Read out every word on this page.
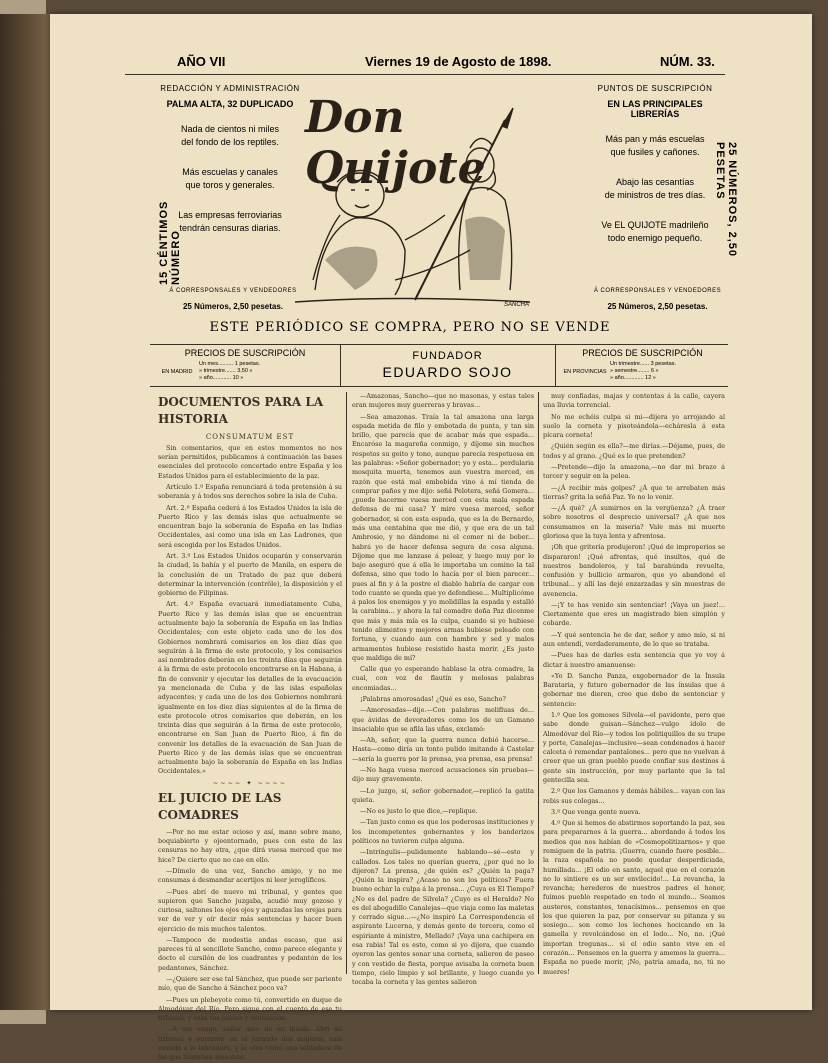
AÑO VII	Viernes 19 de Agosto de 1898.	NÚM. 33.
REDACCIÓN Y ADMINISTRACIÓN
PALMA ALTA, 32 DUPLICADO
Nada de cientos ni miles
del fondo de los reptiles.
Más escuelas y canales
que toros y generales.
Las empresas ferroviarias
tendrán censuras diarias.
Á CORRESPONSALES Y VENDEDORES
25 Números, 2,50 pesetas.
PUNTOS DE SUSCRIPCIÓN
EN LAS PRINCIPALES LIBRERÍAS
Más pan y más escuelas
que fusiles y cañones.
Abajo las cesantías
de ministros de tres días.
Ve EL QUIJOTE madrileño
todo enemigo pequeño.
Á CORRESPONSALES Y VENDEDORES
25 Números, 2,50 pesetas.
15 CÉNTIMOS NÚMERO
25 NÚMEROS, 2,50 PESETAS
Don Quijote
SANCHA
ESTE PERIÓDICO SE COMPRA, PERO NO SE VENDE
PRECIOS DE SUSCRIPCIÓN
EN MADRID
Un mes.......... 1 pesetas.
» trimestre....... 3,50 »
» año............ 10 »
FUNDADOR
EDUARDO SOJO
PRECIOS DE SUSCRIPCIÓN
EN PROVINCIAS
Un trimestre...... 3 pesetas.
» semestre........ 6 »
» año............. 12 »

DOCUMENTOS PARA LA HISTORIA

CONSUMATUM EST

Sin comentarios, que en estos momentos no nos serían permitidos, publicamos á continuación las bases esenciales del protocolo concertado entre España y los Estados Unidos para el establecimiento de la paz.

Artículo 1.º España renunciará á toda pretensión á su soberanía y á todos sus derechos sobre la isla de Cuba.

Art. 2.º España cederá á los Estados Unidos la isla de Puerto Rico y las demás islas que actualmente se encuentran bajo la soberanía de España en las Indias Occidentales, así como una isla en Las Ladrones, que será escogida por los Estados Unidos.

Art. 3.º Los Estados Unidos ocuparán y conservarán la ciudad, la bahía y el puerto de Manila, en espera de la conclusión de un Tratado de paz que deberá determinar la intervención (contrôle), la disposición y el gobierno de Filipinas.

Art. 4.º España evacuará inmediatamente Cuba, Puerto Rico y las demás islas que se encuentran actualmente bajo la soberanía de España en las Indias Occidentales; con este objeto cada uno de los dos Gobiernos nombrará comisarios en los diez días que seguirán á la firma de este protocolo, y los comisarios así nombrados deberán en los treinta días que seguirán á la firma de este protocolo encontrarse en la Habana, á fin de convenir y ejecutar los detalles de la evacuación ya mencionada de Cuba y de las islas españolas adyacentes; y cada uno de los dos Gobiernos nombrará igualmente en los diez días siguientes al de la firma de este protocolo otros comisarios que deberán, en los treinta días que seguirán á la firma de este protocolo, encontrarse en San Juan de Puerto Rico, á fin de convenir los detalles de la evacuación de San Juan de Puerto Rico y de las demás islas que se encuentran actualmente bajo la soberanía de España en las Indias Occidentales.»

~~~~ ✦ ~~~~

EL JUICIO DE LAS COMADRES

—Por no me estar ocioso y así, mano sobre mano, boquiabierto y ojeentornado, pues con esto de las censuras no hay otra, ¿que dirá vuesa merced que me hice? De cierto que no cae en ello.

—Dímelo de una vez, Sancho amigo, y no me consumas á desmandar acertijos ni leer jeroglíficos.

—Pues abrí de nuevo mi tribunal, y gentes que supieron que Sancho juzgaba, acudió muy gozoso y curiosa, saltones los ojos ojos y aguzadas las orejas para ver de ver y oír decir más sentencias y hacer buen ejercicio de mis muchos talentos.

—Tampoco de modestia andas escaso, que así pareces tú al sencillote Sancho, como parece elegante y docto el cursilón de los cuadrantes y pedantón de los pedantones, Sánchez.

—¿Quiere ser ese tal Sánchez, que puede ser pariente mío, que de Sancho á Sánchez poco va?

—Pues un plebeyote como tú, convertido en duque de Almodóvar del Río. Pero sigue con el cuento de ese tu tribunal, y esas tus juicios y sentencias.

—A eso vengo, señor mío: de mi ínsula. Abrí mi tribunal y entraron en el juzgado dos mujeres, una vestida á lo labradora, y la otra como una soldadera de las que llamaban masonas.

—Amazonas, Sancho—que no masonas, y estas tales eran mujeres muy guerreras y bravas...

—Sea amazonas. Traía la tal amazona una larga espada metida de filo y embotada de punta, y tan sin brillo, que parecía que de acabar más que espada... Encaróse la magareña conmigo, y díjome sin muchos respetos su geito y tono, aunque parecía respetuosa en las palabras: «Señor gobernador; yo y esta... perdularia mosquita muerta, tenemos aun vuestra merced, en razón que está mal embebida vino á mí tienda de comprar paños y me dijo: señá Pelotera, señá Gomera... ¿puede hacerme vuesa merced con esta mala espada defensa de mi casa? Y mire vuesa merced, señor gobernador, si con esta espada, que es la de Bernardo, más una centabina que me dió, y que era de un tal Ambrosio, y no dándome ni el comer ni de beber... habrá yo de hacer defensa segura de cosa alguna. Díjome que me lanzase á pelear, y luego muy por lo bajo aseguró que á ella le importaba un comino la tal defensa, sino que todo lo hacía por el bien parecer... pues al fin y á la postre el diablo habría de cargar con todo cuanto se queda que yo defendiese... Multiplicóme á palos los enemigos y yo molidillas la espada y estalló la carabina... y ahora la tal comadre doña Paz dicenme que más y más mía es la culpa, cuando si yo hubiese tenido alimentos y mejores armas hubiese peleado con fortuna, y cuando aun con hambre y sed y malos armamentos hubiese resistido hasta morir. ¿Es justo que maldiga de mí?

Calle que yo esperando hablase la otra comadre, la cual, con voz de flautín y melosas palabras encomiadas...

¡Palabras amorosadas! ¿Qué es eso, Sancho?

—Amorosadas—dije.—Con palabras melifluas de... que ávidas de devoradores como los de un Gamano insaciable que se afila las uñas, exclamó:

—Ah, señor, que la guerra nunca debió hacerse... Hasta—como diría un tonto pulido imitando á Castelar—sería la guerra por la prensa, yea prensa, esa prensa!

—No haga vuesa merced acusaciones sin pruebas—dijo muy gravemente.

—Lo juzgo, sí, señor gobernador,—replicó la gatita quieta.

—No es justo lo que dice,—replique.

—Tan justo como es que los poderosas instituciones y los incompetentes gobernantes y los banderizos políticos no tuvieron culpa alguna.

—Intríngulis—pulidamente hablando—sé—esto y callados. Los tales no querían guerra, ¿por qué no lo dijeron? La prensa, ¿de quién es? ¿Quién la paga? ¿Quién la inspira? ¿Acaso no son los políticos? Fuera bueno echar la culpa á la prensa... ¿Cuya es El Tiempo? ¿No es del padre de Silvela? ¿Cuyo es el Heraldo? No es del abogadillo Canalejas—que viaja como las maletas y cerrado sigue...—¿No inspiró La Correspondencia el aspirante Lucerna, y demás gente de tercera, como el espiriante á ministro, Mellado? ¡Vaya una cachipera en esa rabia! Tal es esto, como si yo dijera, que cuando oyeron las gentes sonar una corneta, salieron de paseo y con vestido de fiesta, porque avisaba la corneta buen tiempo, cielo limpio y sol brillante, y luego cuando yo tocaba la corneta y las gentes salieron

muy confiadas, majas y contentas á la calle, cayera una lluvia torrencial.

No me echéis culpa si mi—dijera yo arrojando al suelo la corneta y pisoteándola—echáresla á esta pícara corneta!

¿Quién según es ella?—me dirías.—Déjame, pues, de todos y al grano. ¿Qué es lo que pretenden?

—Pretende—dijo la amazona,—no dar mi brazo á torcer y seguir en la pelea.

—¿Á recibir más golpes? ¿Á que te arrebaten más tierras? grita la señá Paz. Yo no lo venir.

—¿Á qué? ¿Á sumirnos en la vergüenza? ¿Á traer sobre nosotros el desprecio universal? ¿Á que nos consumamos en la miseria? Vale más mi muerte gloriosa que la tuya lenta y afrentosa.

¡Oh que gritería produjeron! ¡Qué de improperios se dispararon! ¡Qué afrentas, qué insultos, qué de nuestros bandoleros, y tal barahúnda revuelta, confusión y bullicio armaron, que yo abandoné el tribunal... y allí las dejé enzarzadas y sin muestras de avenencia.

—¡Y te has venido sin sentenciar! ¡Vaya un juez!... Ciertamente que eres un magistrado bien simplón y cobarde.

—Y qué sentencia he de dar, señor y amo mío, si ni aun entendí, verdaderamente, de lo que se trataba.

—Pues has de darles esta sentencia que yo voy á dictar á nuestro amanuense:

«Yo D. Sancho Panza, exgobernador de la Ínsula Barataria, y futuro gobernador de las ínsulas que á gobernar me dieren, creo que debo de sentenciar y sentencio:

1.º Que los gomoses Silvela—el pavidonte, pero que sabe donde guisan—Sánchez—vulgo ídolo de Almodóvar del Río—y todos los politiquillos de su trupe y porte, Canalejas—inclusive—sean condenados á hacer calceta ó remendar pantalones... pero que no vuelvan á creer que un gran pueblo puede confiar sus destinos á gente sin instrucción, por muy parlante que la tal gentecilla sea.

2.º Que los Gamanos y demás hábiles... vayan con las rebis sus colegas...

3.º Que venga gente nueva.

4.º Que si hemos de abstirmos soportando la paz, sea para prepararnos á la guerra... abordando á todos los medios que nos habían de «Cosmopolitizarnos» y que remiguen de la patria. ¡Guerra, cuando fuere posible... la raza española no puede quedar desperdiciada, humillada... ¡El odio en santo, aquel que en el corazón no lo sintiere es un ser envilecido!... La revancha, la revancha; herederos de nuestros padres el honor, fuimos pueblo respetado en todo el mundo... Seamos austeros, constantes, tenacísimos... pensemos en que los que quieren la paz, por conservar su pitanza y su sosiego... son como los lechones hocicando en la gamella y revolcándose en el lodo... No, no. ¡Qué importan tregunas... si el odio santo vive en el corazón... Pensemos en la guerra y amemos la guerra... España no puede morir, ¡No, patria amada, no, tú no mueres!
